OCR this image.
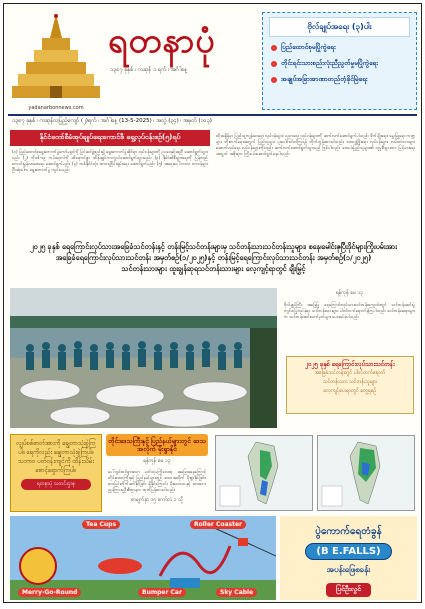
ရတနာပုံ
၁၃၈၇ ခုနှစ် ၊ ကဆုန် ၁ ရက် ၊ အင်္ဂါနေ့
yadanarbonnews.com
ဗိုလ်ချုပ်အရေး (၃)ပါး
ပြည်ထောင်စုမပြိုကွဲရေး
တိုင်းရင်းသားစည်းလုံးညီညွတ်မှုမပြိုကွဲရေး
အချုပ်အခြာအာဏာတည်တံ့ခိုင်မြဲရေး
၁၃၈၇ ခုနှစ် ၊ ကဆုန်လပြည့်ကျော် (၂)ရက် ၊ အင်္ဂါနေ့ (13-5-2025) ၊ အတွဲ (၃၄) ၊ အမှတ် (၁၀၃)
နိုင်ငံတော်စီမံအုပ်ချုပ်ရေးကောင်စီ ရှေ့လုပ်ငန်းစဉ်(၅)ရပ်
(၁) ပြည်ထောင်စုရွေးကောက်ပွဲကော်မရှင်ကို ပြင်ဆင်ဖွဲ့စည်း၍ ရွေးကောက်ပွဲဆိုင်ရာ လုပ်ငန်းများကို ဥပဒေနှင့်အညီ ဆောင်ရွက်သွားမည်။ (၂) ကိုဗစ်-၁၉ ကပ်ရောဂါကို ထိရောက်စွာ ထိန်းချုပ်ကာကွယ်ဆောင်ရွက်သွားမည်။ (၃) နိုင်ငံ၏စီးပွားရေးကို ပြန်လည်ကောင်းမွန်လာစေရေး ဆောင်ရွက်မည်။ (၄) တစ်နိုင်ငံလုံး ထာဝရငြိမ်းချမ်းရေး ဆောင်ရွက်မည်။ (၅) အရေးပေါ်ကာလ တာဝန်များ ပြီးဆုံးပါက ရွေးကောက်ပွဲ ကျင်းပမည်။
ထိုအချိန်မှာ ပြည်သူ့ကျန်းမာရေး လုပ်ငန်းများ၊ ပညာရေး လုပ်ငန်းများကို ဆက်လက်ဆောင်ရွက်ပါသည်။ စိုက်ပျိုးရေး၊ မွေးမြူရေး ကဏ္ဍများ တိုးတက်ရေးအတွက် ပြည်သူများ ပူးပေါင်းပါဝင်ကြရန် တိုက်တွန်းထားပါသည်။ ဒေသဖွံ့ဖြိုးရေး လုပ်ငန်းများ၊ လမ်းတံတားများ ဆောက်လုပ်ရေး လုပ်ငန်းများကိုလည်း ဆက်လက်ဆောင်ရွက်သွားမည် ဖြစ်ပါသည်။ ဒေသခံပြည်သူများ၏ လူမှုစီးပွားဘဝ မြင့်မားရေးအတွက် အစိုးရက ကြိုးပမ်းဆောင်ရွက်နေပါသည်။
၂၀၂၅ ခုနှစ် ရေကြောင်းလုပ်သားအခြေခံသင်တန်းနှင့် တန်းမြင့်သင်တန်းများမှ သင်တန်းသားသင်တန်းသူများ၊ စနေ၊မေါင်းဇုပြီးဒိုင်များကြိုးပမ်းအား
အခြေခံရေကြောင်းလုပ်သားသင်တန်း အမှတ်စဉ်(၁/၂၀၂၅)နှင့် တန်းမြင့်ရေကြောင်းလုပ်သားသင်တန်း အမှတ်စဉ်(၁/၂၀၂၅)
သင်တန်းသားများ ထူးချွန်ဆုရသင်တန်းသားများ လေ့ကျင့်ရာတွင် ချီးမြှင့်
ရန်ကုန် မေ ၁၃
ဗိုလ်ချုပ်ကြီး အခြေပြု ရေကြောင်းလုပ်သားသင်တန်းကျောင်းတွင် သင်တန်းဆင်းပွဲ ကျင်းပပြုလုပ်ခဲ့ရာ သင်တန်းသားများ ပါဝင်တက်ရောက်ခဲ့ကြပါသည်။ သင်တန်းဆရာများက သင်တန်းဆင်းလက်မှတ်များ ပေးအပ်ခဲ့ပါသည်။
၂၀၂၅ ခုနှစ် ရေကြောင်းလုပ်သားသင်တန်း
အခြေခံသင်တန်းတွင် ပါဝင်တက်ရောက်
သင်တန်းသား သင်တန်းသူများ
လေ့ကျင့်ပေးရာတွင် တွေ့ရစဉ်
လျှပ်စစ်ဓာတ်အားကို ချွေတာသုံးစွဲကြပါ။ ရေကိုလည်း ချွေတာသုံးစွဲကြပါ။ သဘာဝ ပတ်ဝန်းကျင်ကို ထိန်းသိမ်း စောင့်ရှောက်ကြပါ။
ရတနာပုံ သတင်းဌာန
တိုင်းဒေသကြီးနှင့် ပြည်နယ်များတွင် ဒေသအလိုက် မိုးရွာနိုင်
ရန်ကုန် မေ ၁၃
ပေါ်လွင်ထင်ရှားသော မုတ်သုံမကြိုလေထု အခြေအနေကြောင့် တိုင်းဒေသကြီးနှင့် ပြည်နယ်များတွင် ဒေသအလိုက် မိုးရွာနိုင်ခြင်း၊ လေပြင်းတိုက်ခတ်နိုင်ခြင်း ရှိနိုင်ကြောင်း မိုးလေဝသနှင့် ဇလဗေဒညွှန်ကြားမှုဦးစီးဌာနက ထုတ်ပြန်ထားပါသည်။
စာမျက်နှာ ၁၅ ကော်လံ ၁ သို့
Tea Cups	Roller Coaster
Merry-Go-Round	Bumper Car	Sky Cable
ပွဲကောက်ရေတံခွန်
(B E.FALLS)
အပန်းဖြေစခန်း
ပြင်ဦးလွင်
